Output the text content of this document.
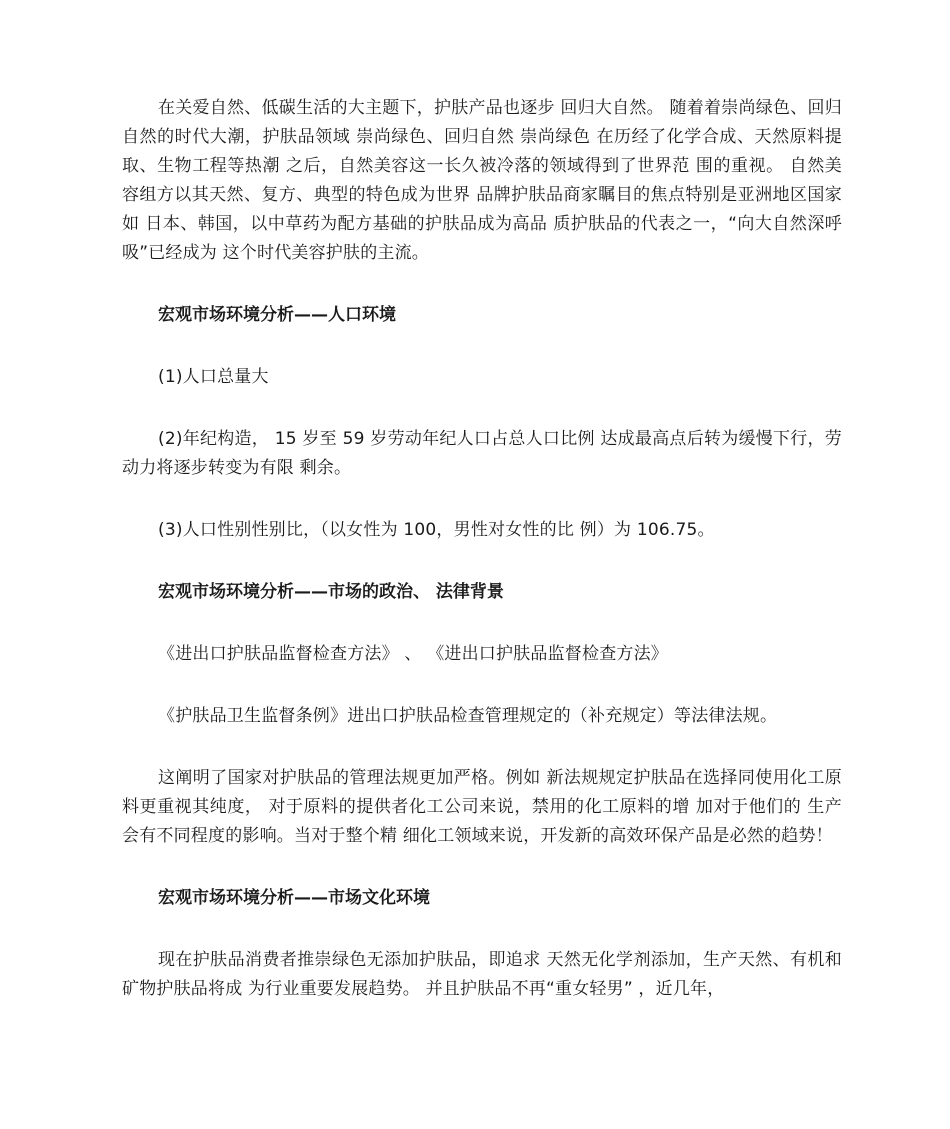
在关爱自然、低碳生活的大主题下，护肤产品也逐步 回归大自然。 随着着崇尚绿色、回归自然的时代大潮，护肤品领域 崇尚绿色、回归自然 崇尚绿色 在历经了化学合成、天然原料提取、生物工程等热潮 之后，自然美容这一长久被冷落的领域得到了世界范 围的重视。 自然美容组方以其天然、复方、典型的特色成为世界 品牌护肤品商家瞩目的焦点特别是亚洲地区国家如 日本、韩国，以中草药为配方基础的护肤品成为高品 质护肤品的代表之一，“向大自然深呼吸”已经成为 这个时代美容护肤的主流。

宏观市场环境分析——人口环境

(1)人口总量大

(2)年纪构造， 15 岁至 59 岁劳动年纪人口占总人口比例 达成最高点后转为缓慢下行，劳动力将逐步转变为有限 剩余。

(3)人口性别性别比，（以女性为 100，男性对女性的比 例）为 106.75。

宏观市场环境分析——市场的政治、 法律背景

《进出口护肤品监督检查方法》 、 《进出口护肤品监督检查方法》

《护肤品卫生监督条例》进出口护肤品检查管理规定的（补充规定）等法律法规。

这阐明了国家对护肤品的管理法规更加严格。例如 新法规规定护肤品在选择同使用化工原料更重视其纯度， 对于原料的提供者化工公司来说，禁用的化工原料的增 加对于他们的 生产会有不同程度的影响。当对于整个精 细化工领域来说，开发新的高效环保产品是必然的趋势！

宏观市场环境分析——市场文化环境

现在护肤品消费者推崇绿色无添加护肤品，即追求 天然无化学剂添加，生产天然、有机和矿物护肤品将成 为行业重要发展趋势。 并且护肤品不再“重女轻男” ，近几年，
